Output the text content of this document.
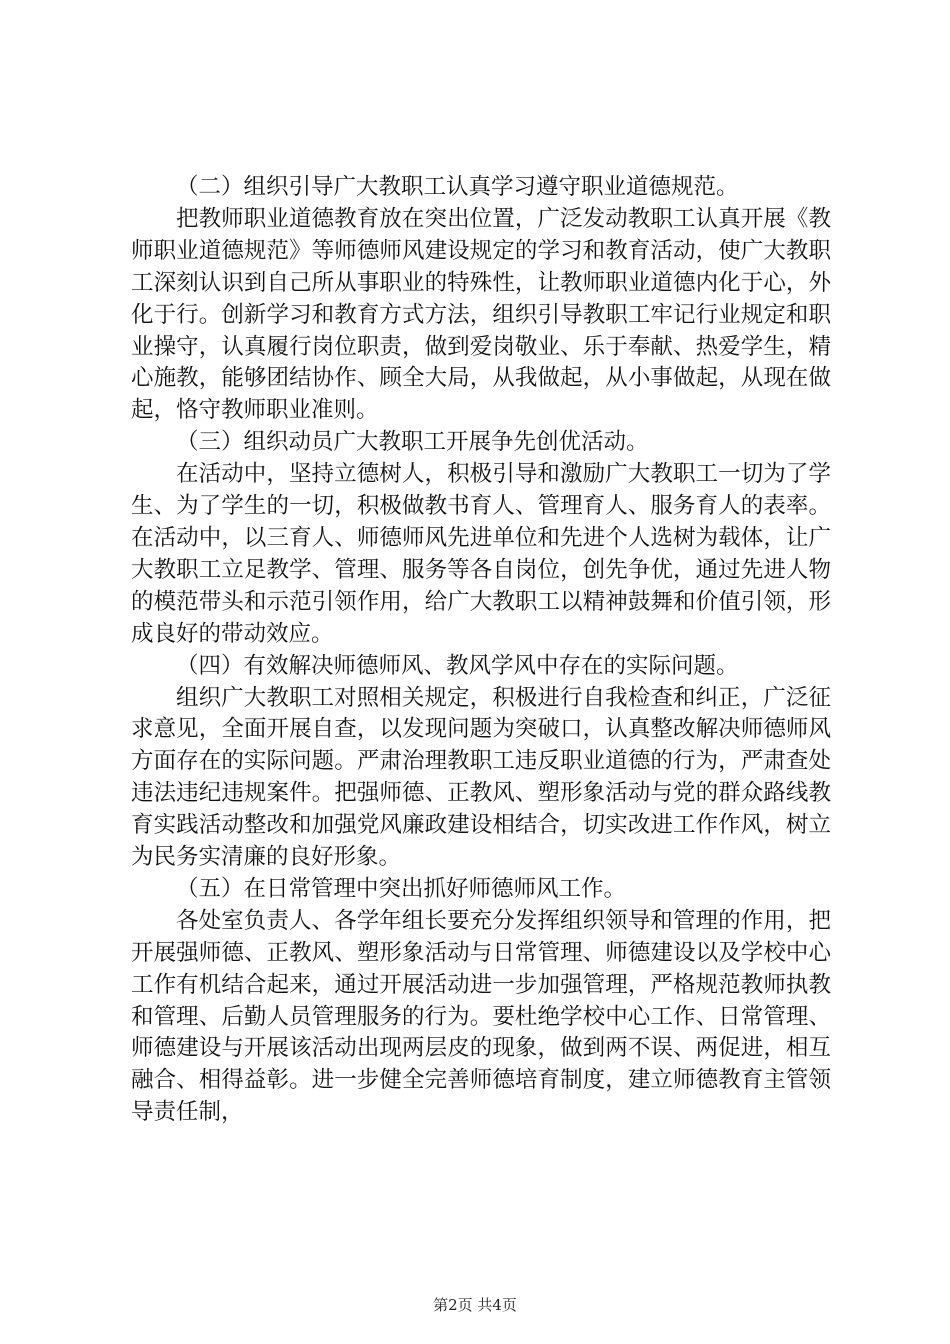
（二）组织引导广大教职工认真学习遵守职业道德规范。

把教师职业道德教育放在突出位置，广泛发动教职工认真开展《教师职业道德规范》等师德师风建设规定的学习和教育活动，使广大教职工深刻认识到自己所从事职业的特殊性，让教师职业道德内化于心，外化于行。创新学习和教育方式方法，组织引导教职工牢记行业规定和职业操守，认真履行岗位职责，做到爱岗敬业、乐于奉献、热爱学生，精心施教，能够团结协作、顾全大局，从我做起，从小事做起，从现在做起，恪守教师职业准则。

（三）组织动员广大教职工开展争先创优活动。

在活动中，坚持立德树人，积极引导和激励广大教职工一切为了学生、为了学生的一切，积极做教书育人、管理育人、服务育人的表率。在活动中，以三育人、师德师风先进单位和先进个人选树为载体，让广大教职工立足教学、管理、服务等各自岗位，创先争优，通过先进人物的模范带头和示范引领作用，给广大教职工以精神鼓舞和价值引领，形成良好的带动效应。

（四）有效解决师德师风、教风学风中存在的实际问题。

组织广大教职工对照相关规定，积极进行自我检查和纠正，广泛征求意见，全面开展自查，以发现问题为突破口，认真整改解决师德师风方面存在的实际问题。严肃治理教职工违反职业道德的行为，严肃查处违法违纪违规案件。把强师德、正教风、塑形象活动与党的群众路线教育实践活动整改和加强党风廉政建设相结合，切实改进工作作风，树立为民务实清廉的良好形象。

（五）在日常管理中突出抓好师德师风工作。

各处室负责人、各学年组长要充分发挥组织领导和管理的作用，把开展强师德、正教风、塑形象活动与日常管理、师德建设以及学校中心工作有机结合起来，通过开展活动进一步加强管理，严格规范教师执教和管理、后勤人员管理服务的行为。要杜绝学校中心工作、日常管理、师德建设与开展该活动出现两层皮的现象，做到两不误、两促进，相互融合、相得益彰。进一步健全完善师德培育制度，建立师德教育主管领导责任制，

第2页 共4页
